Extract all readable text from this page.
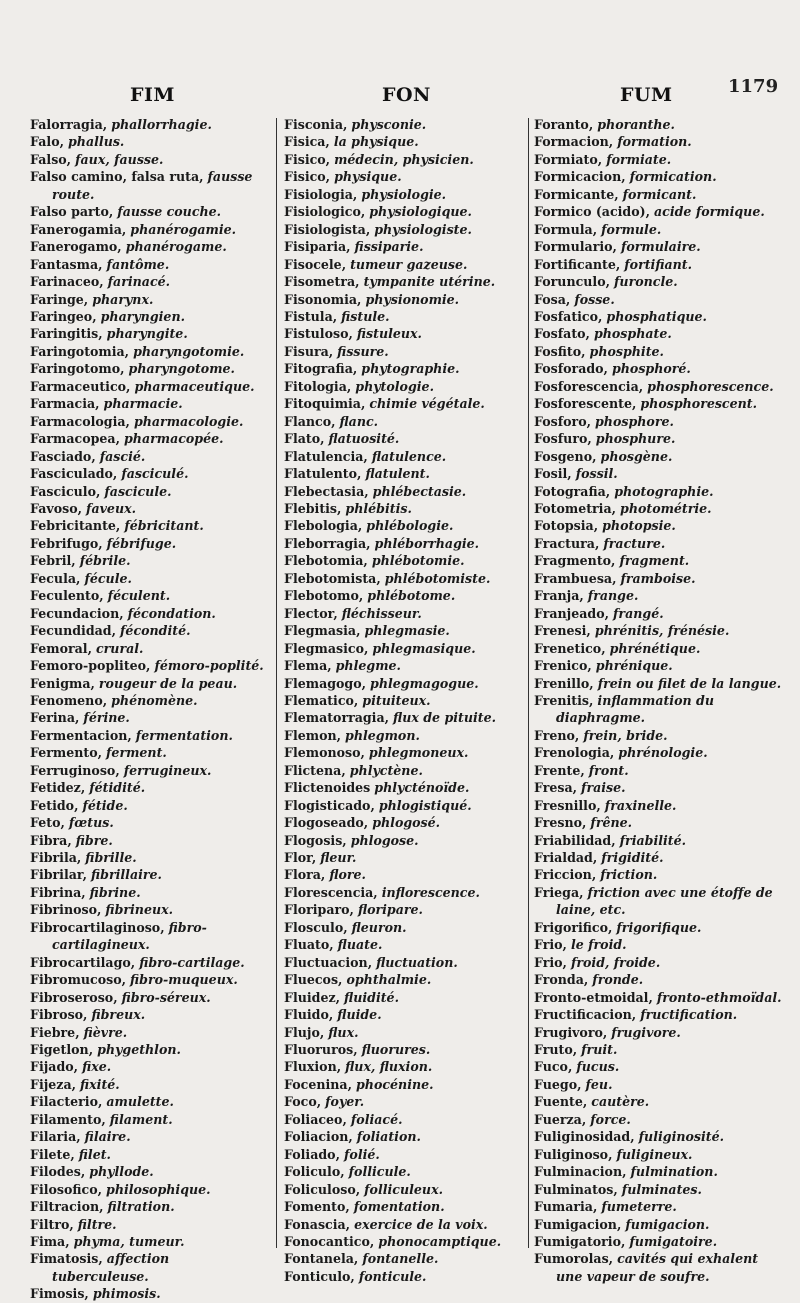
FIM	FON	FUM	1179
Falorragia, phallorrhagie.
Falo, phallus.
Falso, faux, fausse.
Falso camino, falsa ruta, fausse route.
Falso parto, fausse couche.
Fanerogamia, phanérogamie.
Fanerogamo, phanérogame.
Fantasma, fantôme.
Farinaceo, farinacé.
Faringe, pharynx.
Faringeo, pharyngien.
Faringitis, pharyngite.
Faringotomia, pharyngotomie.
Faringotomo, pharyngotome.
Farmaceutico, pharmaceutique.
Farmacia, pharmacie.
Farmacologia, pharmacologie.
Farmacopea, pharmacopée.
Fasciado, fascié.
Fasciculado, fasciculé.
Fasciculo, fascicule.
Favoso, faveux.
Febricitante, fébricitant.
Febrifugo, fébrifuge.
Febril, fébrile.
Fecula, fécule.
Feculento, féculent.
Fecundacion, fécondation.
Fecundidad, fécondité.
Femoral, crural.
Femoro-popliteo, fémoro-poplité.
Fenigma, rougeur de la peau.
Fenomeno, phénomène.
Ferina, férine.
Fermentacion, fermentation.
Fermento, ferment.
Ferruginoso, ferrugineux.
Fetidez, fétidité.
Fetido, fétide.
Feto, fœtus.
Fibra, fibre.
Fibrila, fibrille.
Fibrilar, fibrillaire.
Fibrina, fibrine.
Fibrinoso, fibrineux.
Fibrocartilaginoso, fibro-cartilagineux.
Fibrocartilago, fibro-cartilage.
Fibromucoso, fibro-muqueux.
Fibroseroso, fibro-séreux.
Fibroso, fibreux.
Fiebre, fièvre.
Figetlon, phygethlon.
Fijado, fixe.
Fijeza, fixité.
Filacterio, amulette.
Filamento, filament.
Filaria, filaire.
Filete, filet.
Filodes, phyllode.
Filosofico, philosophique.
Filtracion, filtration.
Filtro, filtre.
Fima, phyma, tumeur.
Fimatosis, affection tuberculeuse.
Fimosis, phimosis.
Fisconia, physconie.
Fisica, la physique.
Fisico, médecin, physicien.
Fisico, physique.
Fisiologia, physiologie.
Fisiologico, physiologique.
Fisiologista, physiologiste.
Fisiparia, fissiparie.
Fisocele, tumeur gazeuse.
Fisometra, tympanite utérine.
Fisonomia, physionomie.
Fistula, fistule.
Fistuloso, fistuleux.
Fisura, fissure.
Fitografia, phytographie.
Fitologia, phytologie.
Fitoquimia, chimie végétale.
Flanco, flanc.
Flato, flatuosité.
Flatulencia, flatulence.
Flatulento, flatulent.
Flebectasia, phlébectasie.
Flebitis, phlébitis.
Flebologia, phlébologie.
Fleborragia, phléborrhagie.
Flebotomia, phlébotomie.
Flebotomista, phlébotomiste.
Flebotomo, phlébotome.
Flector, fléchisseur.
Flegmasia, phlegmasie.
Flegmasico, phlegmasique.
Flema, phlegme.
Flemagogo, phlegmagogue.
Flematico, pituiteux.
Flematorragia, flux de pituite.
Flemon, phlegmon.
Flemonoso, phlegmoneux.
Flictena, phlyctène.
Flictenoides phlycténoïde.
Flogisticado, phlogistiqué.
Flogoseado, phlogosé.
Flogosis, phlogose.
Flor, fleur.
Flora, flore.
Florescencia, inflorescence.
Floriparo, floripare.
Flosculo, fleuron.
Fluato, fluate.
Fluctuacion, fluctuation.
Fluecos, ophthalmie.
Fluidez, fluidité.
Fluido, fluide.
Flujo, flux.
Fluoruros, fluorures.
Fluxion, flux, fluxion.
Focenina, phocénine.
Foco, foyer.
Foliaceo, foliacé.
Foliacion, foliation.
Foliado, folié.
Foliculo, follicule.
Foliculoso, folliculeux.
Fomento, fomentation.
Fonascia, exercice de la voix.
Fonocantico, phonocamptique.
Fontanela, fontanelle.
Fonticulo, fonticule.
Foranto, phoranthe.
Formacion, formation.
Formiato, formiate.
Formicacion, formication.
Formicante, formicant.
Formico (acido), acide formique.
Formula, formule.
Formulario, formulaire.
Fortificante, fortifiant.
Forunculo, furoncle.
Fosa, fosse.
Fosfatico, phosphatique.
Fosfato, phosphate.
Fosfito, phosphite.
Fosforado, phosphoré.
Fosforescencia, phosphorescence.
Fosforescente, phosphorescent.
Fosforo, phosphore.
Fosfuro, phosphure.
Fosgeno, phosgène.
Fosil, fossil.
Fotografia, photographie.
Fotometria, photométrie.
Fotopsia, photopsie.
Fractura, fracture.
Fragmento, fragment.
Frambuesa, framboise.
Franja, frange.
Franjeado, frangé.
Frenesi, phrénitis, frénésie.
Frenetico, phrénétique.
Frenico, phrénique.
Frenillo, frein ou filet de la langue.
Frenitis, inflammation du diaphragme.
Freno, frein, bride.
Frenologia, phrénologie.
Frente, front.
Fresa, fraise.
Fresnillo, fraxinelle.
Fresno, frêne.
Friabilidad, friabilité.
Frialdad, frigidité.
Friccion, friction.
Friega, friction avec une étoffe de laine, etc.
Frigorifico, frigorifique.
Frio, le froid.
Frio, froid, froide.
Fronda, fronde.
Fronto-etmoidal, fronto-ethmoïdal.
Fructificacion, fructification.
Frugivoro, frugivore.
Fruto, fruit.
Fuco, fucus.
Fuego, feu.
Fuente, cautère.
Fuerza, force.
Fuliginosidad, fuliginosité.
Fuliginoso, fuligineux.
Fulminacion, fulmination.
Fulminatos, fulminates.
Fumaria, fumeterre.
Fumigacion, fumigacion.
Fumigatorio, fumigatoire.
Fumorolas, cavités qui exhalent une vapeur de soufre.
